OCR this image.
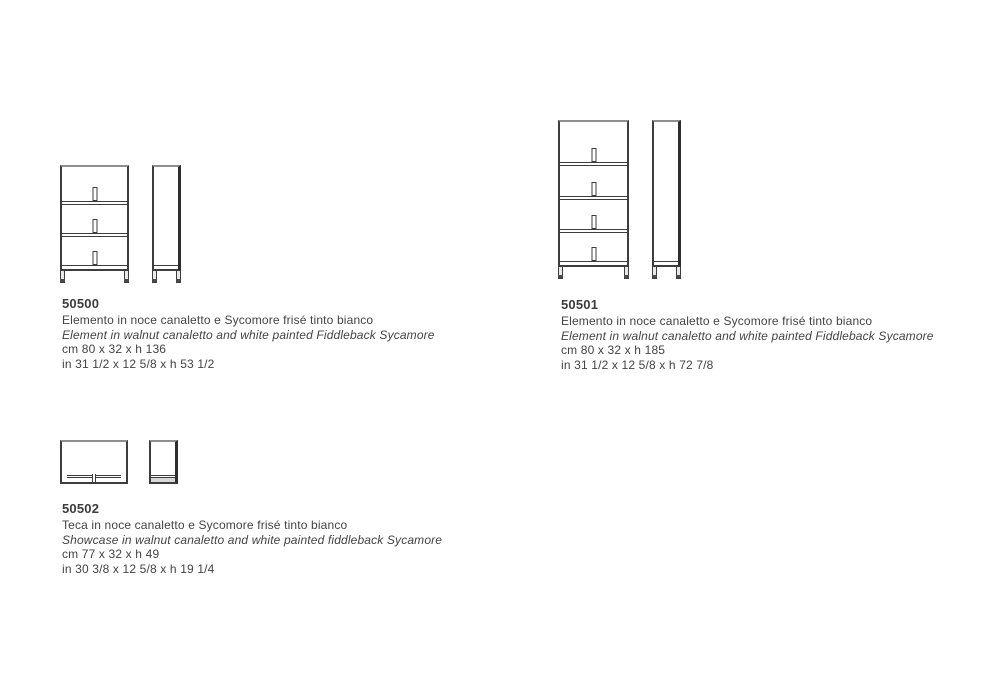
50500
Elemento in noce canaletto e Sycomore frisé tinto bianco
Element in walnut canaletto and white painted Fiddleback Sycamore
cm 80 x 32 x h 136
in 31 1/2 x 12 5/8 x h 53 1/2
50501
Elemento in noce canaletto e Sycomore frisé tinto bianco
Element in walnut canaletto and white painted Fiddleback Sycamore
cm 80 x 32 x h 185
in 31 1/2 x 12 5/8 x h 72 7/8
50502
Teca in noce canaletto e Sycomore frisé tinto bianco
Showcase in walnut canaletto and white painted fiddleback Sycamore
cm 77 x 32 x h 49
in 30 3/8 x 12 5/8 x h 19 1/4
